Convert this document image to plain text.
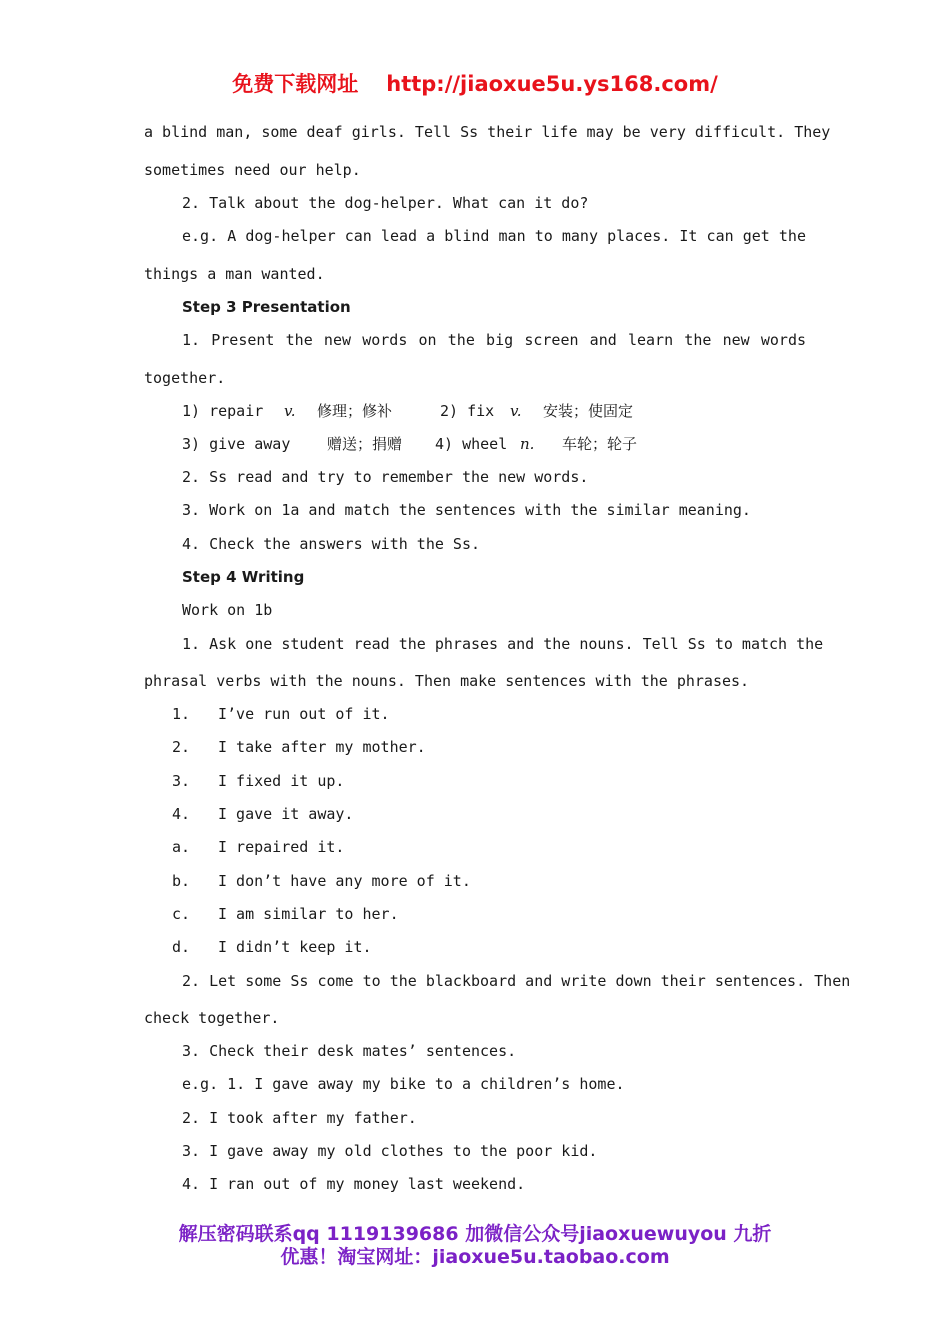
免费下载网址 http://jiaoxue5u.ys168.com/
a blind man, some deaf girls. Tell Ss their life may be very difficult. They
sometimes need our help.
2. Talk about the dog-helper. What can it do?
e.g. A dog-helper can lead a blind man to many places. It can get the
things a man wanted.
Step 3 Presentation
1. Present the new words on the big screen and learn the new words
together.
1) repair v. 修理；修补	2) fix v. 安装；使固定
3) give away 赠送；捐赠 4) wheel n. 车轮；轮子
2. Ss read and try to remember the new words.
3. Work on 1a and match the sentences with the similar meaning.
4. Check the answers with the Ss.
Step 4 Writing
Work on 1b
1. Ask one student read the phrases and the nouns. Tell Ss to match the
phrasal verbs with the nouns. Then make sentences with the phrases.
1. I’ve run out of it.
2. I take after my mother.
3. I fixed it up.
4. I gave it away.
a. I repaired it.
b. I don’t have any more of it.
c. I am similar to her.
d. I didn’t keep it.
2. Let some Ss come to the blackboard and write down their sentences. Then
check together.
3. Check their desk mates’ sentences.
e.g. 1. I gave away my bike to a children’s home.
2. I took after my father.
3. I gave away my old clothes to the poor kid.
4. I ran out of my money last weekend.
解压密码联系qq 1119139686 加微信公众号jiaoxuewuyou 九折
优惠！淘宝网址：jiaoxue5u.taobao.com
